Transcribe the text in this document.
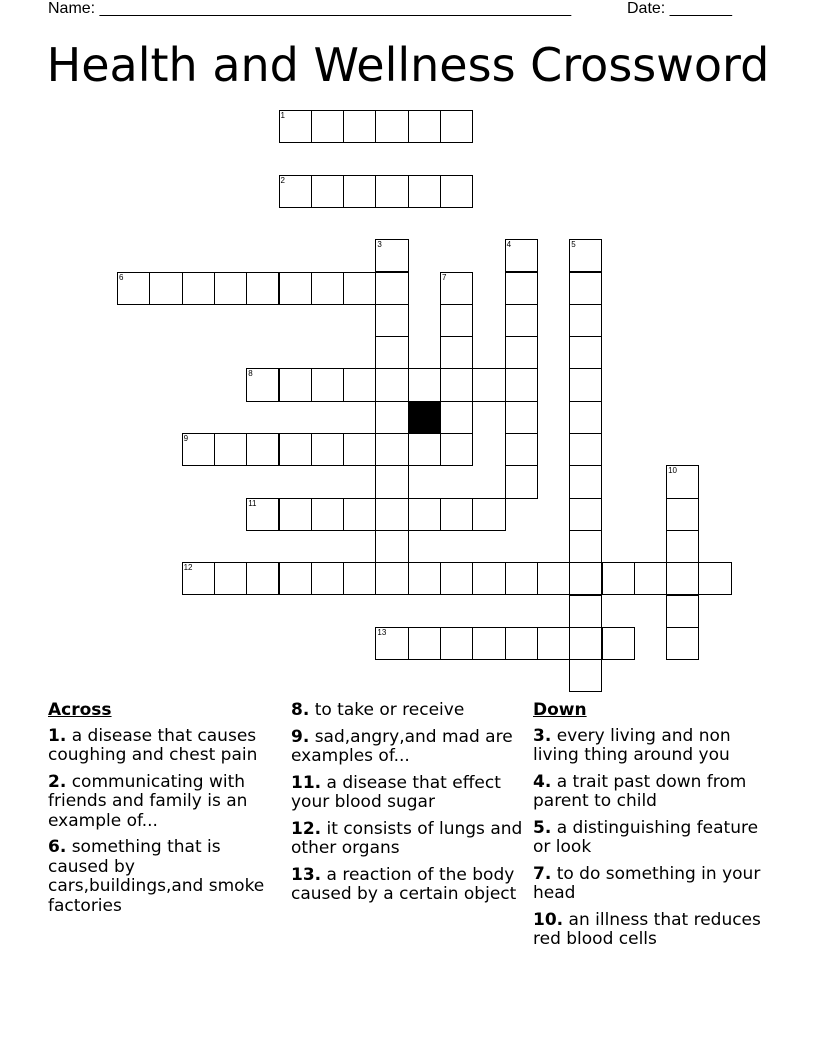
Name: _____________________________________________________	Date: _______
Health and Wellness Crossword
1
2
6
8
9
11
12
13
3	4	5
7
10
Across
1. a disease that causes coughing and chest pain
2. communicating with friends and family is an example of...
6. something that is caused by cars,buildings,and smoke factories
8. to take or receive
9. sad,angry,and mad are examples of...
11. a disease that effect your blood sugar
12. it consists of lungs and other organs
13. a reaction of the body caused by a certain object
Down
3. every living and non living thing around you
4. a trait past down from parent to child
5. a distinguishing feature or look
7. to do something in your head
10. an illness that reduces red blood cells
